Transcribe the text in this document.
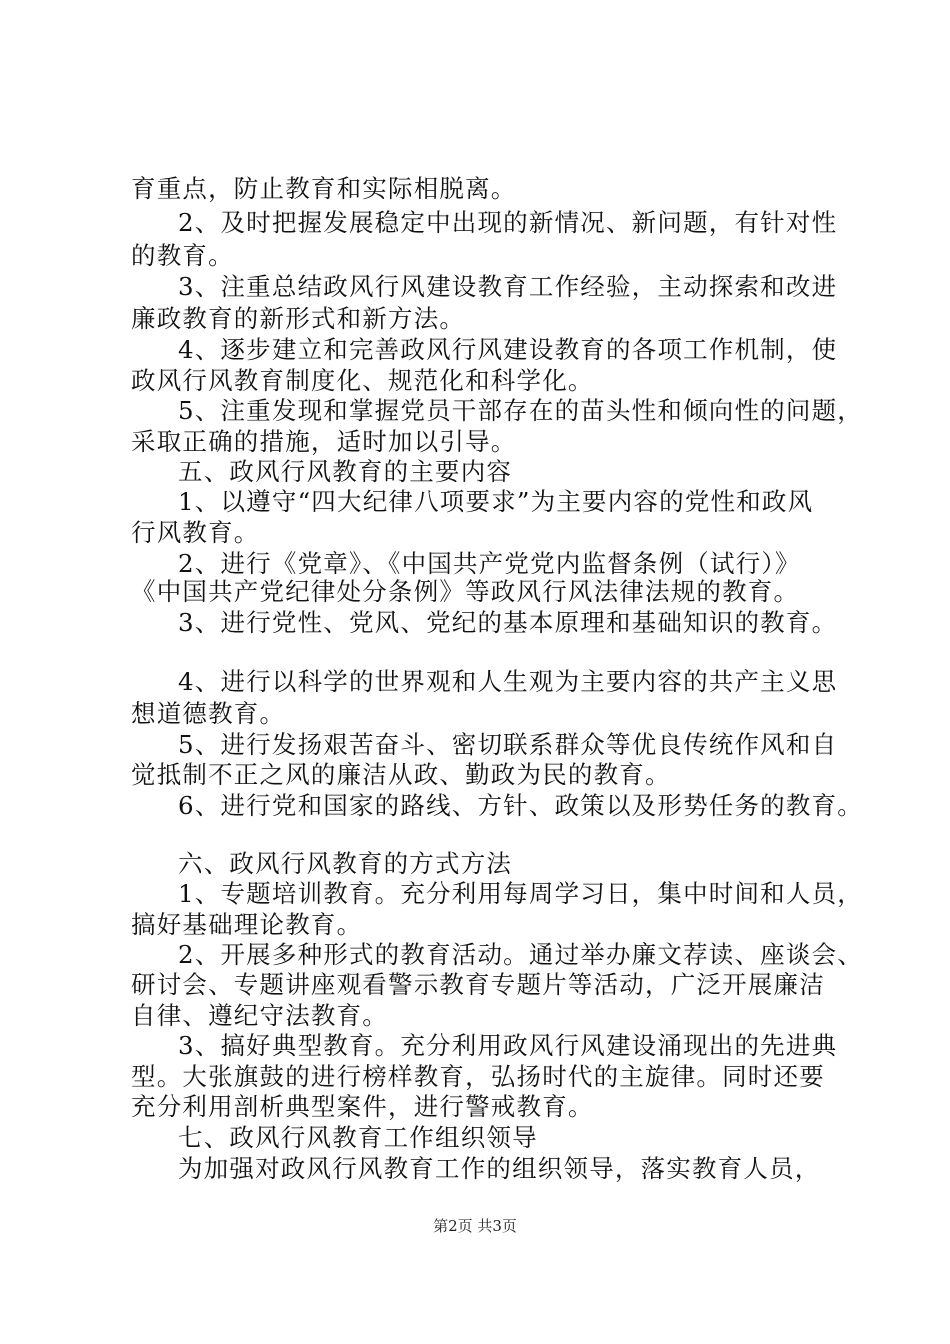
育重点，防止教育和实际相脱离。
2、及时把握发展稳定中出现的新情况、新问题，有针对性
的教育。
3、注重总结政风行风建设教育工作经验，主动探索和改进
廉政教育的新形式和新方法。
4、逐步建立和完善政风行风建设教育的各项工作机制，使
政风行风教育制度化、规范化和科学化。
5、注重发现和掌握党员干部存在的苗头性和倾向性的问题，
采取正确的措施，适时加以引导。
五、政风行风教育的主要内容
1、以遵守“四大纪律八项要求”为主要内容的党性和政风
行风教育。
2、进行《党章》、《中国共产党党内监督条例（试行）》
《中国共产党纪律处分条例》等政风行风法律法规的教育。
3、进行党性、党风、党纪的基本原理和基础知识的教育。
4、进行以科学的世界观和人生观为主要内容的共产主义思
想道德教育。
5、进行发扬艰苦奋斗、密切联系群众等优良传统作风和自
觉抵制不正之风的廉洁从政、勤政为民的教育。
6、进行党和国家的路线、方针、政策以及形势任务的教育。
六、政风行风教育的方式方法
1、专题培训教育。充分利用每周学习日，集中时间和人员，
搞好基础理论教育。
2、开展多种形式的教育活动。通过举办廉文荐读、座谈会、
研讨会、专题讲座观看警示教育专题片等活动，广泛开展廉洁
自律、遵纪守法教育。
3、搞好典型教育。充分利用政风行风建设涌现出的先进典
型。大张旗鼓的进行榜样教育，弘扬时代的主旋律。同时还要
充分利用剖析典型案件，进行警戒教育。
七、政风行风教育工作组织领导
为加强对政风行风教育工作的组织领导，落实教育人员，
第2页 共3页
